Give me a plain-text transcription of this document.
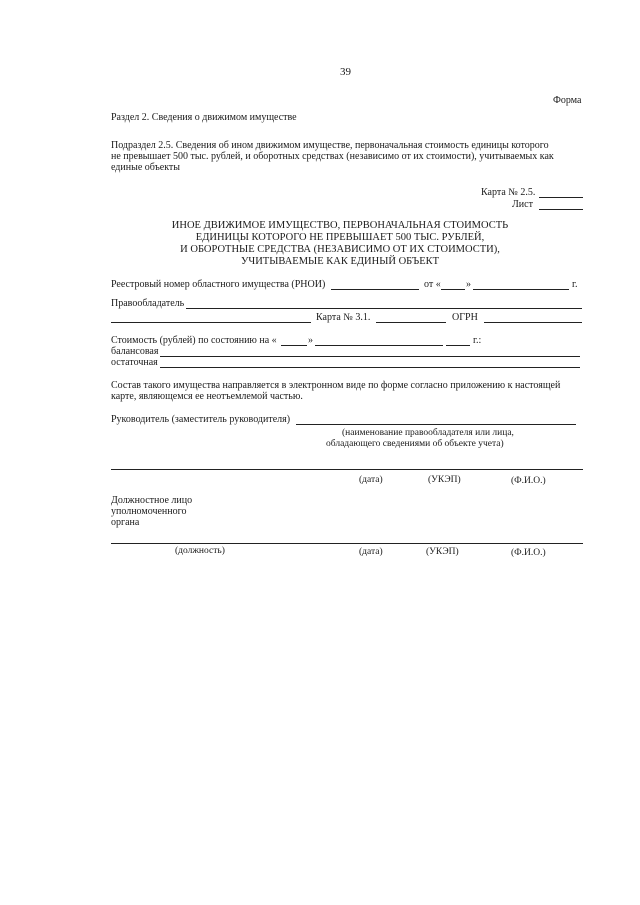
39
Форма
Раздел 2. Сведения о движимом имуществе
Подраздел 2.5. Сведения об ином движимом имуществе, первоначальная стоимость единицы которого
не превышает 500 тыс. рублей, и оборотных средствах (независимо от их стоимости), учитываемых как
единые объекты
Карта № 2.5.
Лист
ИНОЕ ДВИЖИМОЕ ИМУЩЕСТВО, ПЕРВОНАЧАЛЬНАЯ СТОИМОСТЬ
ЕДИНИЦЫ КОТОРОГО НЕ ПРЕВЫШАЕТ 500 ТЫС. РУБЛЕЙ,
И ОБОРОТНЫЕ СРЕДСТВА (НЕЗАВИСИМО ОТ ИХ СТОИМОСТИ),
УЧИТЫВАЕМЫЕ КАК ЕДИНЫЙ ОБЪЕКТ
Реестровый номер областного имущества (РНОИ)	от «	»	г.
Правообладатель
Карта № 3.1.	ОГРН
Стоимость (рублей) по состоянию на «	»	г.:
балансовая
остаточная
Состав такого имущества направляется в электронном виде по форме согласно приложению к настоящей
карте, являющемся ее неотъемлемой частью.
Руководитель (заместитель руководителя)
(наименование правообладателя или лица,
обладающего сведениями об объекте учета)
(дата)	(УКЭП)	(Ф.И.О.)
Должностное лицо
уполномоченного
органа
(должность)	(дата)	(УКЭП)	(Ф.И.О.)
